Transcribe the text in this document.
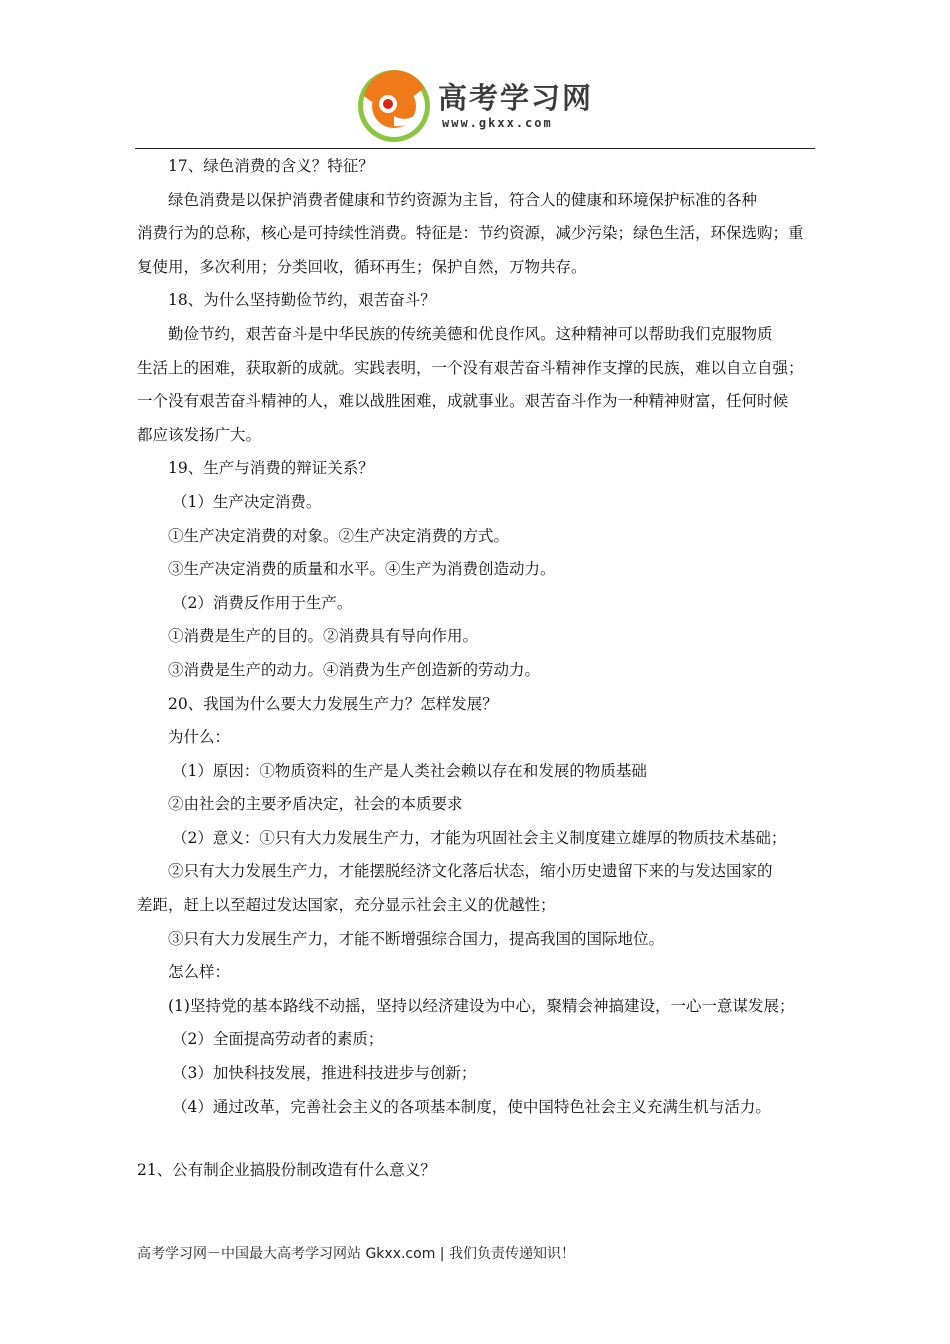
高考学习网
www.gkxx.com
17、绿色消费的含义？特征？
绿色消费是以保护消费者健康和节约资源为主旨，符合人的健康和环境保护标准的各种
消费行为的总称，核心是可持续性消费。特征是：节约资源，减少污染；绿色生活，环保选购；重
复使用，多次利用；分类回收，循环再生；保护自然，万物共存。
18、为什么坚持勤俭节约，艰苦奋斗？
勤俭节约，艰苦奋斗是中华民族的传统美德和优良作风。这种精神可以帮助我们克服物质
生活上的困难，获取新的成就。实践表明，一个没有艰苦奋斗精神作支撑的民族，难以自立自强；
一个没有艰苦奋斗精神的人，难以战胜困难，成就事业。艰苦奋斗作为一种精神财富，任何时候
都应该发扬广大。
19、生产与消费的辩证关系？
（1）生产决定消费。
①生产决定消费的对象。②生产决定消费的方式。
③生产决定消费的质量和水平。④生产为消费创造动力。
（2）消费反作用于生产。
①消费是生产的目的。②消费具有导向作用。
③消费是生产的动力。④消费为生产创造新的劳动力。
20、我国为什么要大力发展生产力？怎样发展？
为什么：
（1）原因：①物质资料的生产是人类社会赖以存在和发展的物质基础
②由社会的主要矛盾决定，社会的本质要求
（2）意义：①只有大力发展生产力，才能为巩固社会主义制度建立雄厚的物质技术基础；
②只有大力发展生产力，才能摆脱经济文化落后状态，缩小历史遗留下来的与发达国家的
差距，赶上以至超过发达国家，充分显示社会主义的优越性；
③只有大力发展生产力，才能不断增强综合国力，提高我国的国际地位。
怎么样：
(1)坚持党的基本路线不动摇，坚持以经济建设为中心，聚精会神搞建设，一心一意谋发展；
（2）全面提高劳动者的素质；
（3）加快科技发展，推进科技进步与创新；
（4）通过改革，完善社会主义的各项基本制度，使中国特色社会主义充满生机与活力。
21、公有制企业搞股份制改造有什么意义？
高考学习网－中国最大高考学习网站 Gkxx.com | 我们负责传递知识！
